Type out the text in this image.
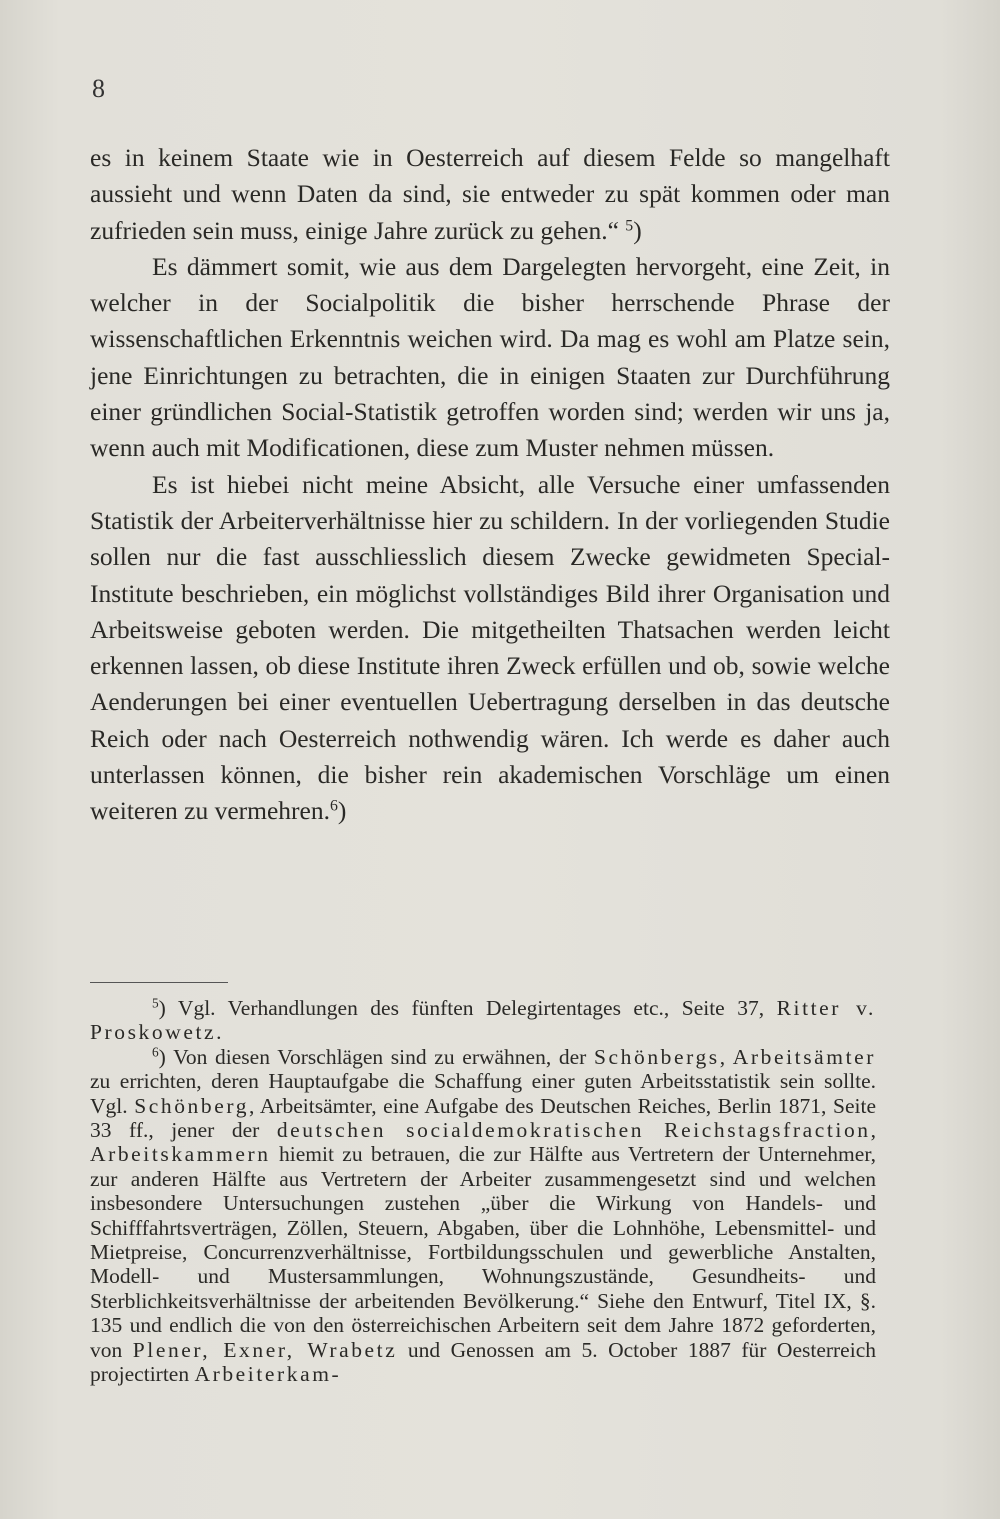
8

es in keinem Staate wie in Oesterreich auf diesem Felde so mangelhaft aussieht und wenn Daten da sind, sie entweder zu spät kommen oder man zufrieden sein muss, einige Jahre zurück zu gehen.“ $^5$)

Es dämmert somit, wie aus dem Dargelegten hervorgeht, eine Zeit, in welcher in der Socialpolitik die bisher herrschende Phrase der wissenschaftlichen Erkenntnis weichen wird. Da mag es wohl am Platze sein, jene Einrichtungen zu betrachten, die in einigen Staaten zur Durchführung einer gründlichen Social-Statistik getroffen worden sind; werden wir uns ja, wenn auch mit Modificationen, diese zum Muster nehmen müssen.

Es ist hiebei nicht meine Absicht, alle Versuche einer umfassenden Statistik der Arbeiterverhältnisse hier zu schildern. In der vorliegenden Studie sollen nur die fast ausschliesslich diesem Zwecke gewidmeten Special-Institute beschrieben, ein möglichst vollständiges Bild ihrer Organisation und Arbeitsweise geboten werden. Die mitgetheilten Thatsachen werden leicht erkennen lassen, ob diese Institute ihren Zweck erfüllen und ob, sowie welche Aenderungen bei einer eventuellen Uebertragung derselben in das deutsche Reich oder nach Oesterreich nothwendig wären. Ich werde es daher auch unterlassen können, die bisher rein akademischen Vorschläge um einen weiteren zu vermehren.$^6$)

$^5$) Vgl. Verhandlungen des fünften Delegirtentages etc., Seite 37, Ritter v. Proskowetz.

$^6$) Von diesen Vorschlägen sind zu erwähnen, der Schönbergs, Arbeitsämter zu errichten, deren Hauptaufgabe die Schaffung einer guten Arbeitsstatistik sein sollte. Vgl. Schönberg, Arbeitsämter, eine Aufgabe des Deutschen Reiches, Berlin 1871, Seite 33 ff., jener der deutschen socialdemokratischen Reichstagsfraction, Arbeitskammern hiemit zu betrauen, die zur Hälfte aus Vertretern der Unternehmer, zur anderen Hälfte aus Vertretern der Arbeiter zusammengesetzt sind und welchen insbesondere Untersuchungen zustehen „über die Wirkung von Handels- und Schifffahrtsverträgen, Zöllen, Steuern, Abgaben, über die Lohnhöhe, Lebensmittel- und Mietpreise, Concurrenzverhältnisse, Fortbildungsschulen und gewerbliche Anstalten, Modell- und Mustersammlungen, Wohnungszustände, Gesundheits- und Sterblichkeitsverhältnisse der arbeitenden Bevölkerung.“ Siehe den Entwurf, Titel IX, §. 135 und endlich die von den österreichischen Arbeitern seit dem Jahre 1872 geforderten, von Plener, Exner, Wrabetz und Genossen am 5. October 1887 für Oesterreich projectirten Arbeiterkam-
